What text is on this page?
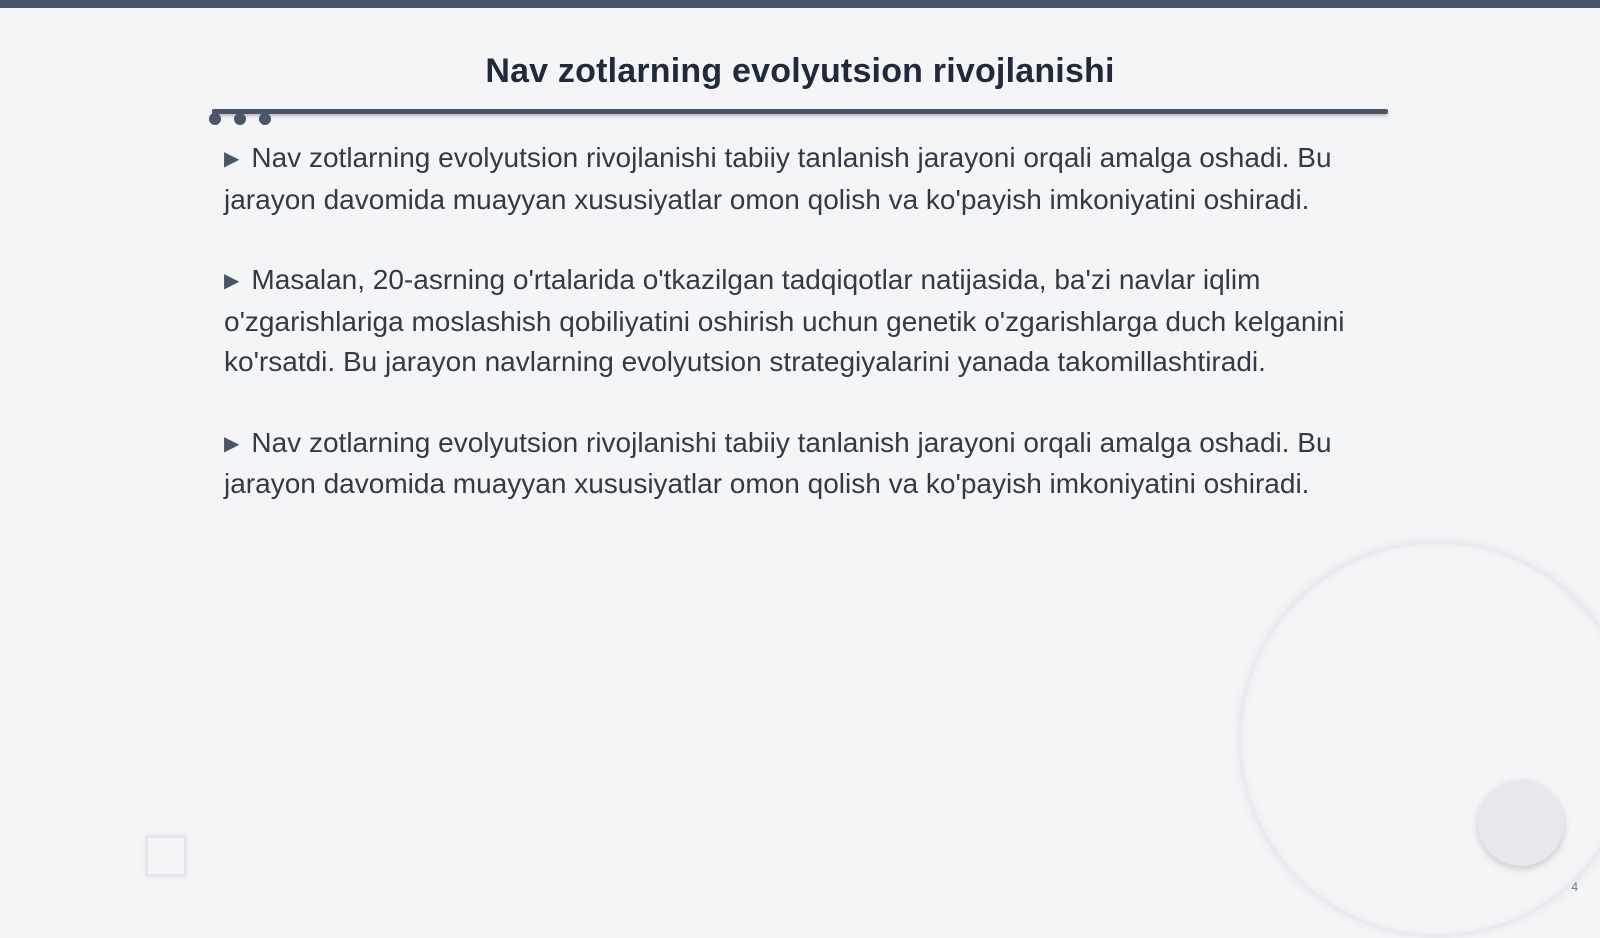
Nav zotlarning evolyutsion rivojlanishi

▶ Nav zotlarning evolyutsion rivojlanishi tabiiy tanlanish jarayoni orqali amalga oshadi. Bu jarayon davomida muayyan xususiyatlar omon qolish va ko'payish imkoniyatini oshiradi.

▶ Masalan, 20-asrning o'rtalarida o'tkazilgan tadqiqotlar natijasida, ba'zi navlar iqlim o'zgarishlariga moslashish qobiliyatini oshirish uchun genetik o'zgarishlarga duch kelganini ko'rsatdi. Bu jarayon navlarning evolyutsion strategiyalarini yanada takomillashtiradi.

▶ Nav zotlarning evolyutsion rivojlanishi tabiiy tanlanish jarayoni orqali amalga oshadi. Bu jarayon davomida muayyan xususiyatlar omon qolish va ko'payish imkoniyatini oshiradi.

4
